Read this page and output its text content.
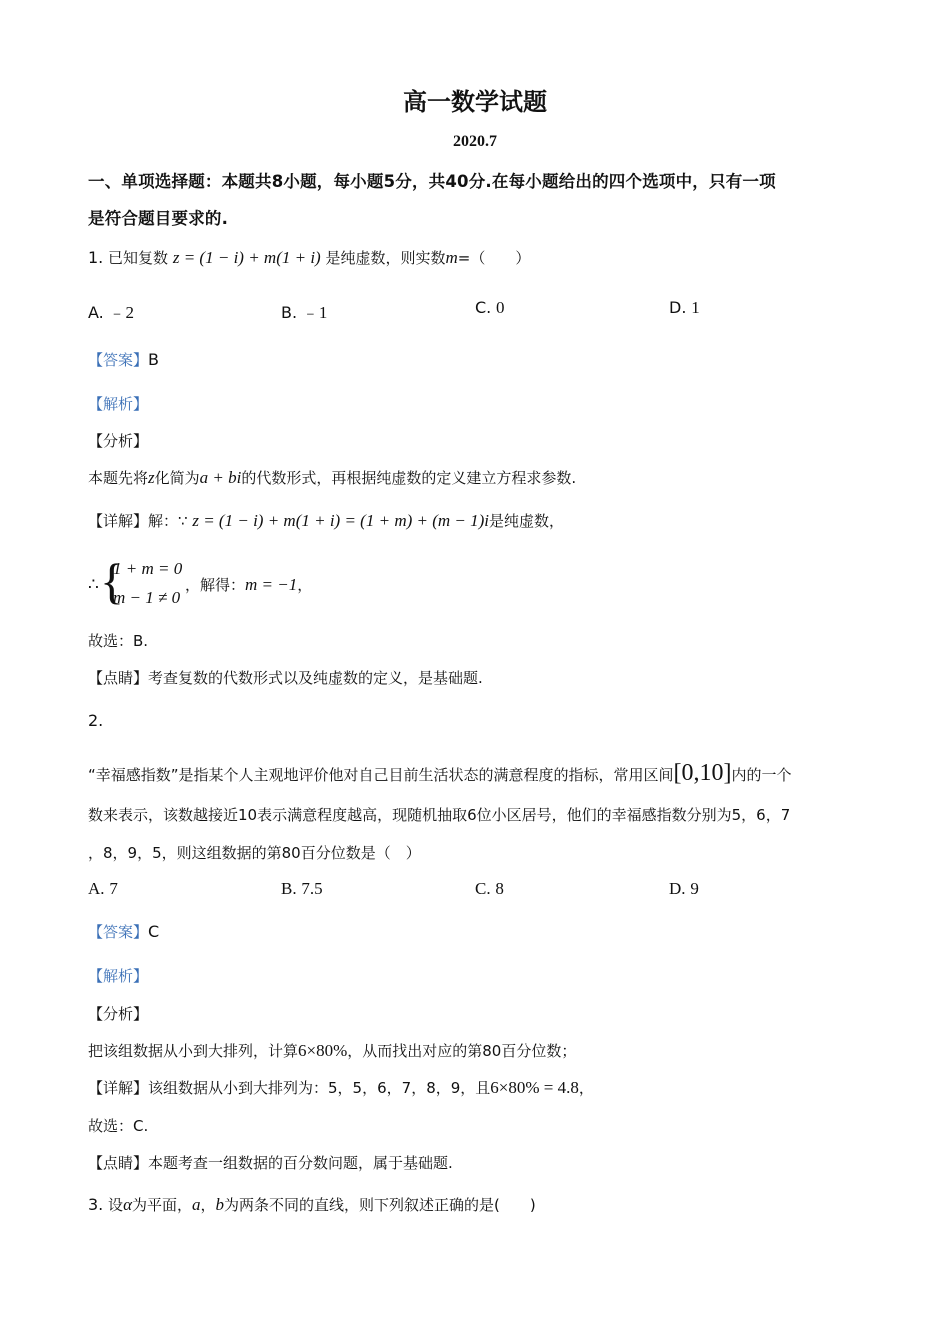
高一数学试题
2020.7
一、单项选择题：本题共8小题，每小题5分，共40分.在每小题给出的四个选项中，只有一项
是符合题目要求的.
1. 已知复数 z = (1 − i) + m(1 + i) 是纯虚数，则实数m=（　　）
A. ﹣2	B. ﹣1	C. 0	D. 1
【答案】B
【解析】
【分析】
本题先将z化简为a + bi的代数形式，再根据纯虚数的定义建立方程求参数.
【详解】解：∵ z = (1 − i) + m(1 + i) = (1 + m) + (m − 1)i是纯虚数，
∴ {
1 + m = 0
m − 1 ≠ 0
，解得：m = −1，
故选：B.
【点睛】考查复数的代数形式以及纯虚数的定义，是基础题.
2.
“幸福感指数”是指某个人主观地评价他对自己目前生活状态的满意程度的指标，常用区间[0,10]内的一个
数来表示，该数越接近10表示满意程度越高，现随机抽取6位小区居号，他们的幸福感指数分别为5，6，7
，8，9，5，则这组数据的第80百分位数是（　）
A. 7	B. 7.5	C. 8	D. 9
【答案】C
【解析】
【分析】
把该组数据从小到大排列，计算6×80%，从而找出对应的第80百分位数；
【详解】该组数据从小到大排列为：5，5，6，7，8，9，且6×80% = 4.8，
故选：C.
【点睛】本题考查一组数据的百分数问题，属于基础题.
3. 设α为平面，a，b为两条不同的直线，则下列叙述正确的是(　　)
